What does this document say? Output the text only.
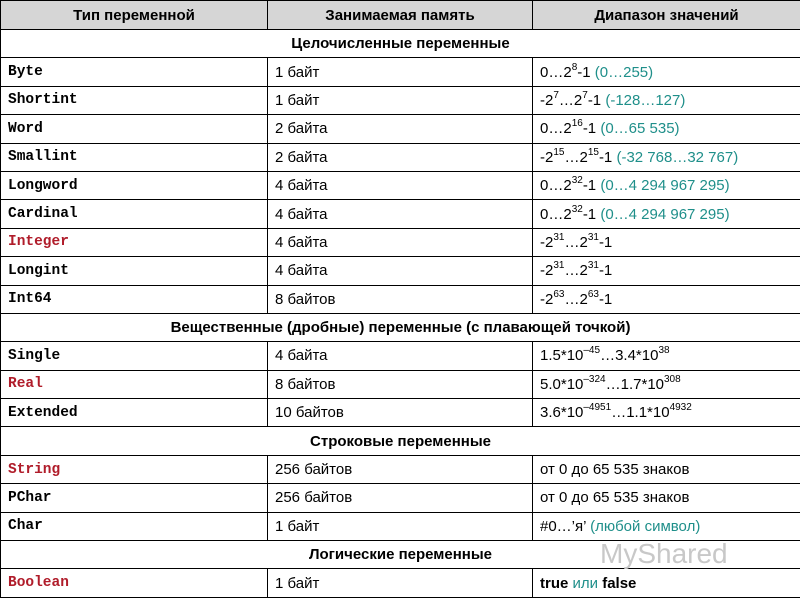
Тип переменной	Занимаемая память	Диапазон значений
Целочисленные переменные		
Byte	1 байт	$0\dots 2^8-1$ (0…255)
Shortint	1 байт	$-2^7\dots 2^7-1$ (-128…127)
Word	2 байта	$0\dots 2^{16}-1$ (0…65 535)
Smallint	2 байта	$-2^{15}\dots 2^{15}-1$ (-32 768…32 767)
Longword	4 байта	$0\dots 2^{32}-1$ (0…4 294 967 295)
Cardinal	4 байта	$0\dots 2^{32}-1$ (0…4 294 967 295)
Integer	4 байта	$-2^{31}\dots 2^{31}-1$
Longint	4 байта	$-2^{31}\dots 2^{31}-1$
Int64	8 байтов	$-2^{63}\dots 2^{63}-1$
Вещественные (дробные) переменные (с плавающей точкой)		
Single	4 байта	$1.5*10^{-45}\dots 3.4*10^{38}$
Real	8 байтов	$5.0*10^{-324}\dots 1.7*10^{308}$
Extended	10 байтов	$3.6*10^{-4951}\dots 1.1*10^{4932}$
Строковые переменные		
String	256 байтов	от 0 до 65 535 знаков
PChar	256 байтов	от 0 до 65 535 знаков
Char	1 байт	#0…’я’ (любой символ)
Логические переменные		
Boolean	1 байт	true или false
MyShared
